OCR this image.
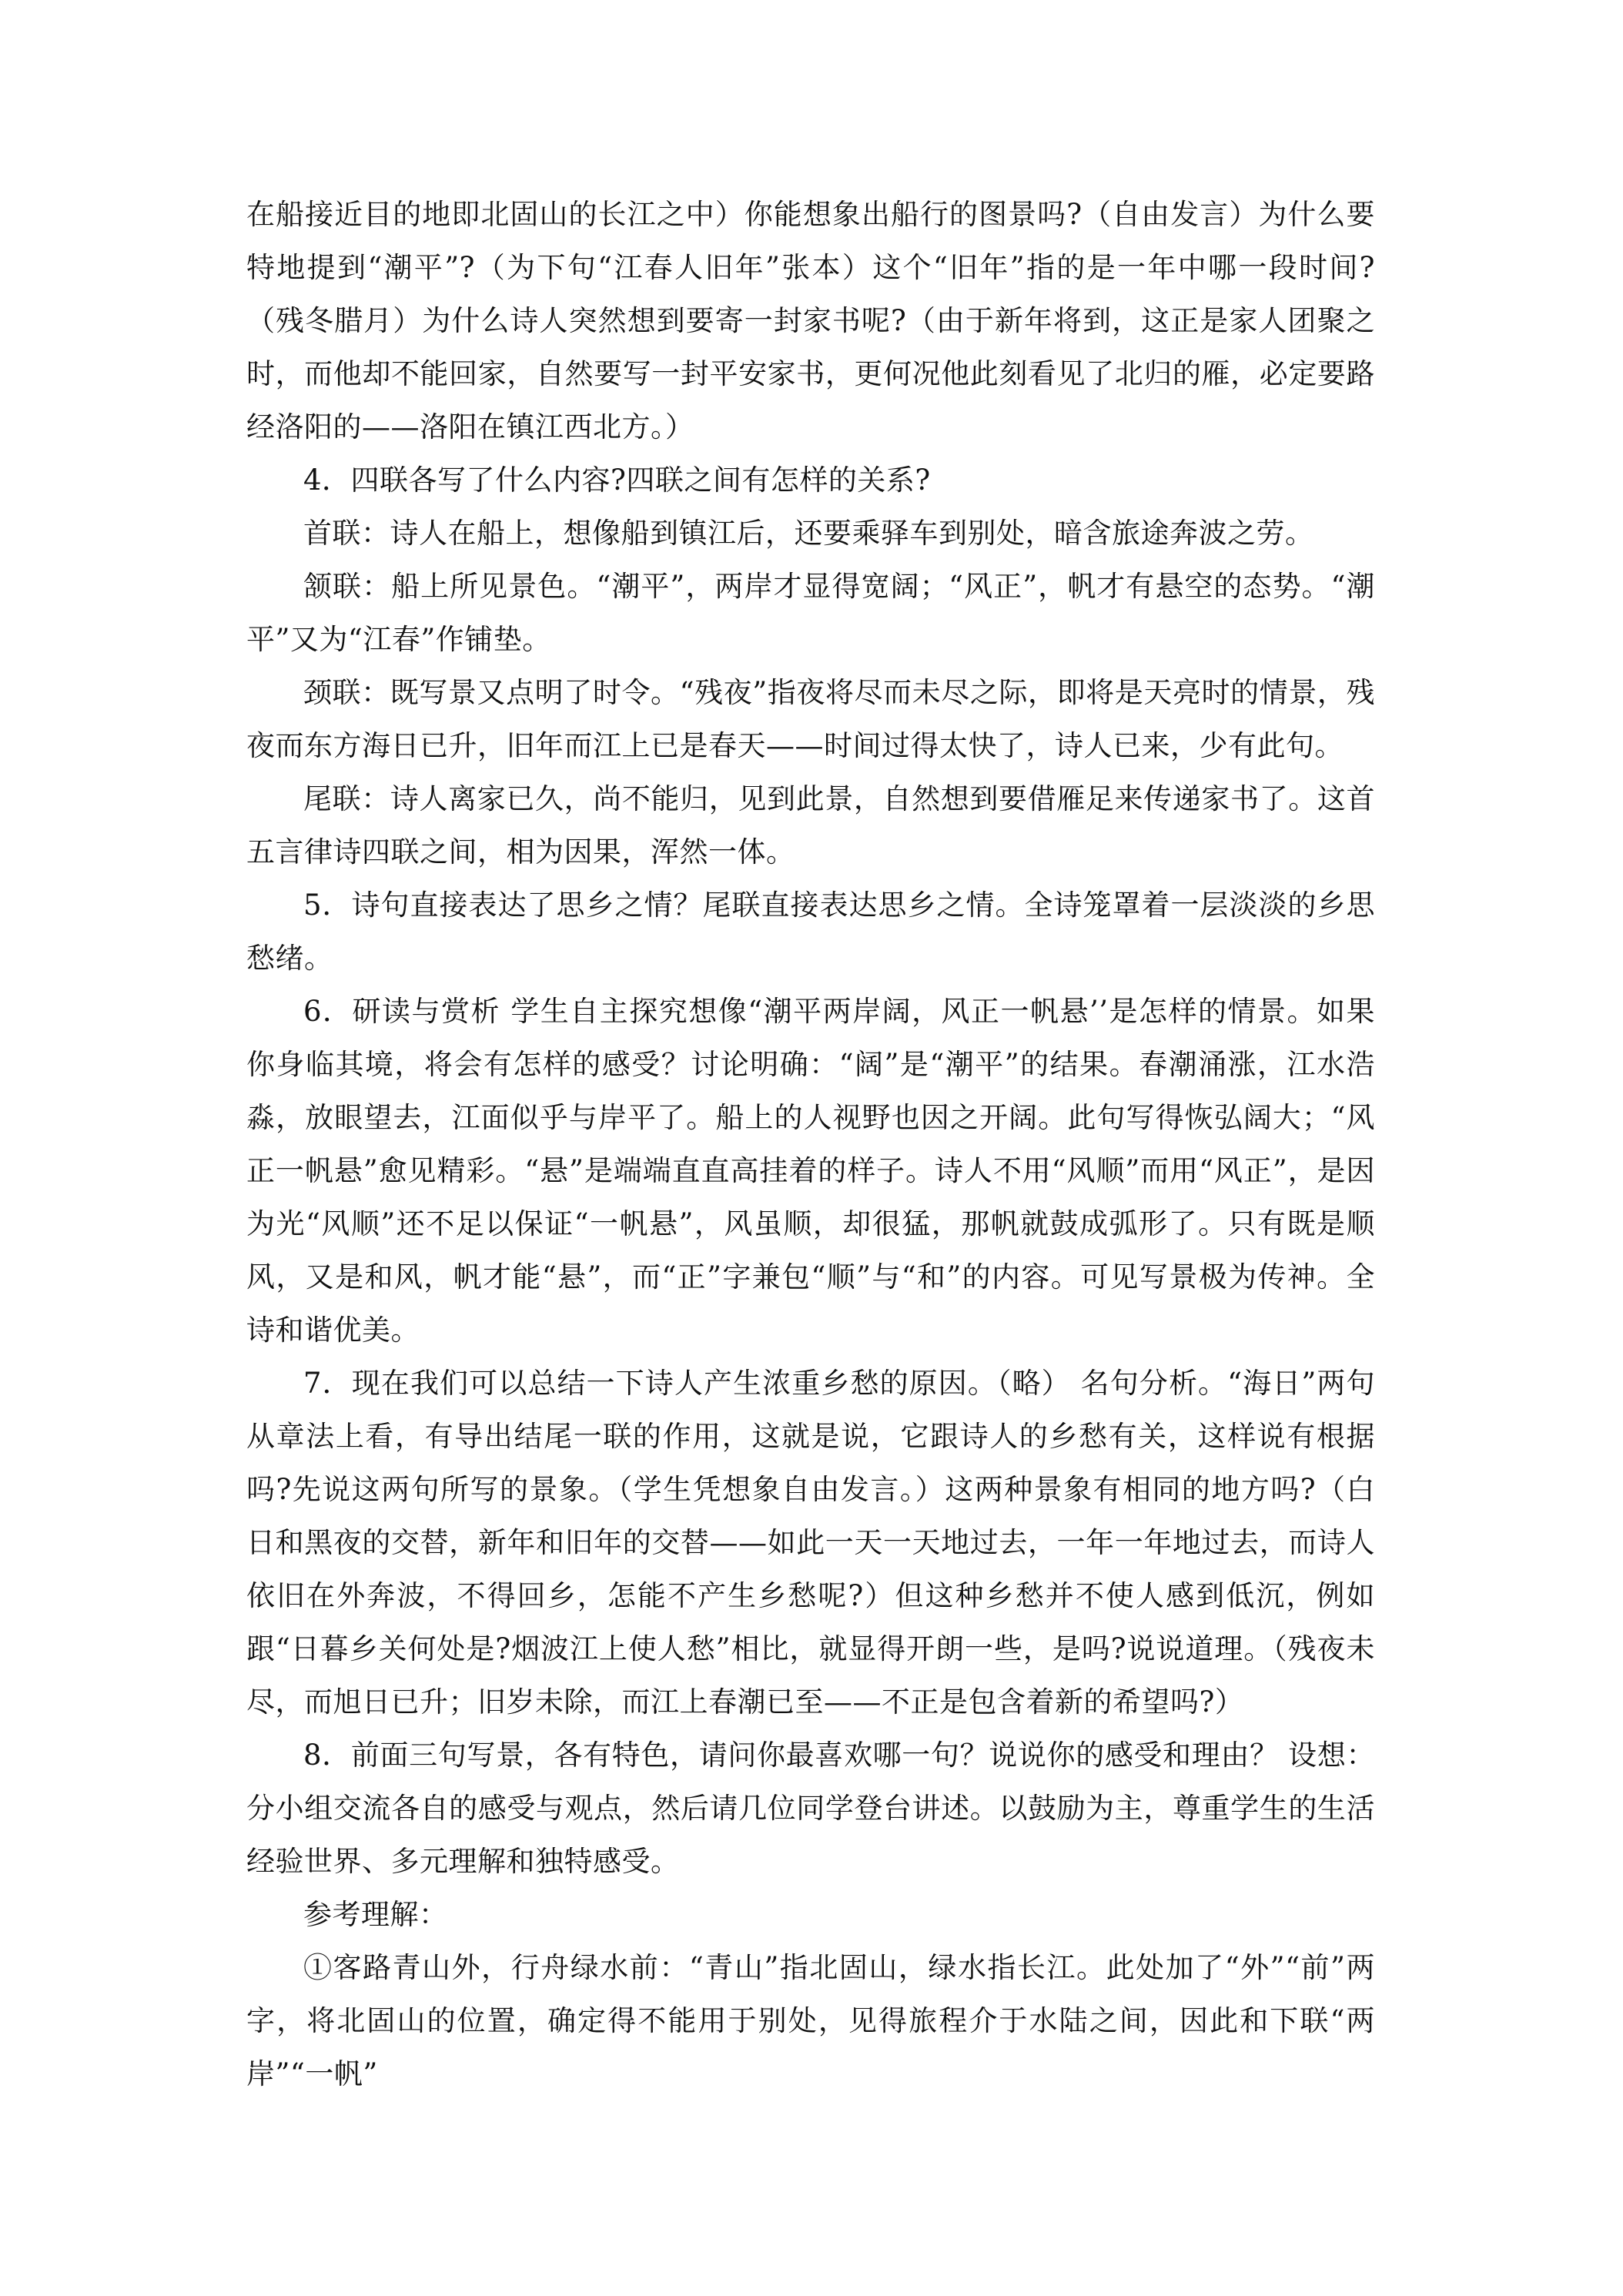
在船接近目的地即北固山的长江之中）你能想象出船行的图景吗?（自由发言）为什么要特地提到“潮平”?（为下句“江春人旧年”张本）这个“旧年”指的是一年中哪一段时间?（残冬腊月）为什么诗人突然想到要寄一封家书呢?（由于新年将到，这正是家人团聚之时，而他却不能回家，自然要写一封平安家书，更何况他此刻看见了北归的雁，必定要路经洛阳的——洛阳在镇江西北方。）

4．四联各写了什么内容?四联之间有怎样的关系?

首联：诗人在船上，想像船到镇江后，还要乘驿车到别处，暗含旅途奔波之劳。

颔联：船上所见景色。“潮平”，两岸才显得宽阔；“风正”，帆才有悬空的态势。“潮平”又为“江春”作铺垫。

颈联：既写景又点明了时令。“残夜”指夜将尽而未尽之际，即将是天亮时的情景，残夜而东方海日已升，旧年而江上已是春天——时间过得太快了，诗人已来，少有此句。

尾联：诗人离家已久，尚不能归，见到此景，自然想到要借雁足来传递家书了。这首五言律诗四联之间，相为因果，浑然一体。

5．诗句直接表达了思乡之情？尾联直接表达思乡之情。全诗笼罩着一层淡淡的乡思愁绪。

6．研读与赏析 学生自主探究想像“潮平两岸阔，风正一帆悬’’是怎样的情景。如果你身临其境，将会有怎样的感受？讨论明确：“阔”是“潮平”的结果。春潮涌涨，江水浩淼，放眼望去，江面似乎与岸平了。船上的人视野也因之开阔。此句写得恢弘阔大；“风正一帆悬”愈见精彩。“悬”是端端直直高挂着的样子。诗人不用“风顺”而用“风正”，是因为光“风顺”还不足以保证“一帆悬”，风虽顺，却很猛，那帆就鼓成弧形了。只有既是顺风，又是和风，帆才能“悬”，而“正”字兼包“顺”与“和”的内容。可见写景极为传神。全诗和谐优美。

7．现在我们可以总结一下诗人产生浓重乡愁的原因。（略） 名句分析。“海日”两句从章法上看，有导出结尾一联的作用，这就是说，它跟诗人的乡愁有关，这样说有根据吗?先说这两句所写的景象。（学生凭想象自由发言。）这两种景象有相同的地方吗?（白日和黑夜的交替，新年和旧年的交替——如此一天一天地过去，一年一年地过去，而诗人依旧在外奔波，不得回乡，怎能不产生乡愁呢?）但这种乡愁并不使人感到低沉，例如跟“日暮乡关何处是?烟波江上使人愁”相比，就显得开朗一些，是吗?说说道理。（残夜未尽，而旭日已升；旧岁未除，而江上春潮已至——不正是包含着新的希望吗?）

8．前面三句写景，各有特色，请问你最喜欢哪一句？说说你的感受和理由？ 设想：分小组交流各自的感受与观点，然后请几位同学登台讲述。以鼓励为主，尊重学生的生活经验世界、多元理解和独特感受。

参考理解：

①客路青山外，行舟绿水前：“青山”指北固山，绿水指长江。此处加了“外”“前”两字，将北固山的位置，确定得不能用于别处，见得旅程介于水陆之间，因此和下联“两岸”“一帆”
